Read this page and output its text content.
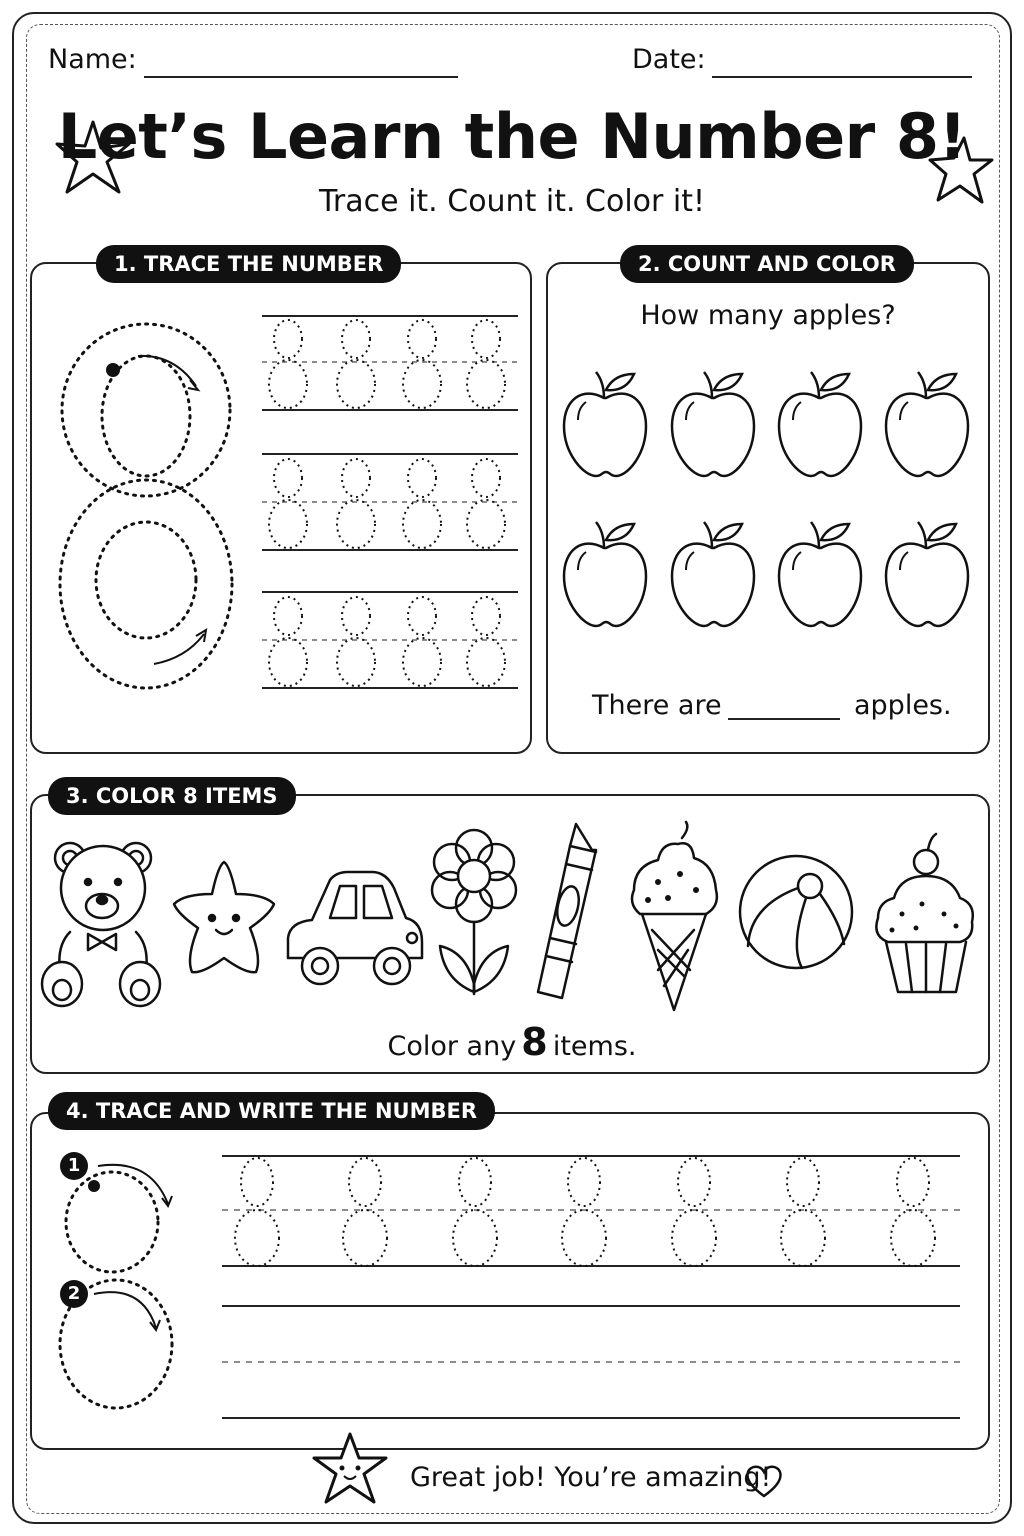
Name:	Date:
Let’s Learn the Number 8!
Trace it. Count it. Color it!
1. TRACE THE NUMBER	2. COUNT AND COLOR
How many apples?
There are	apples.
3. COLOR 8 ITEMS
Color any 8 items.
4. TRACE AND WRITE THE NUMBER
1
2
Great job! You’re amazing!
